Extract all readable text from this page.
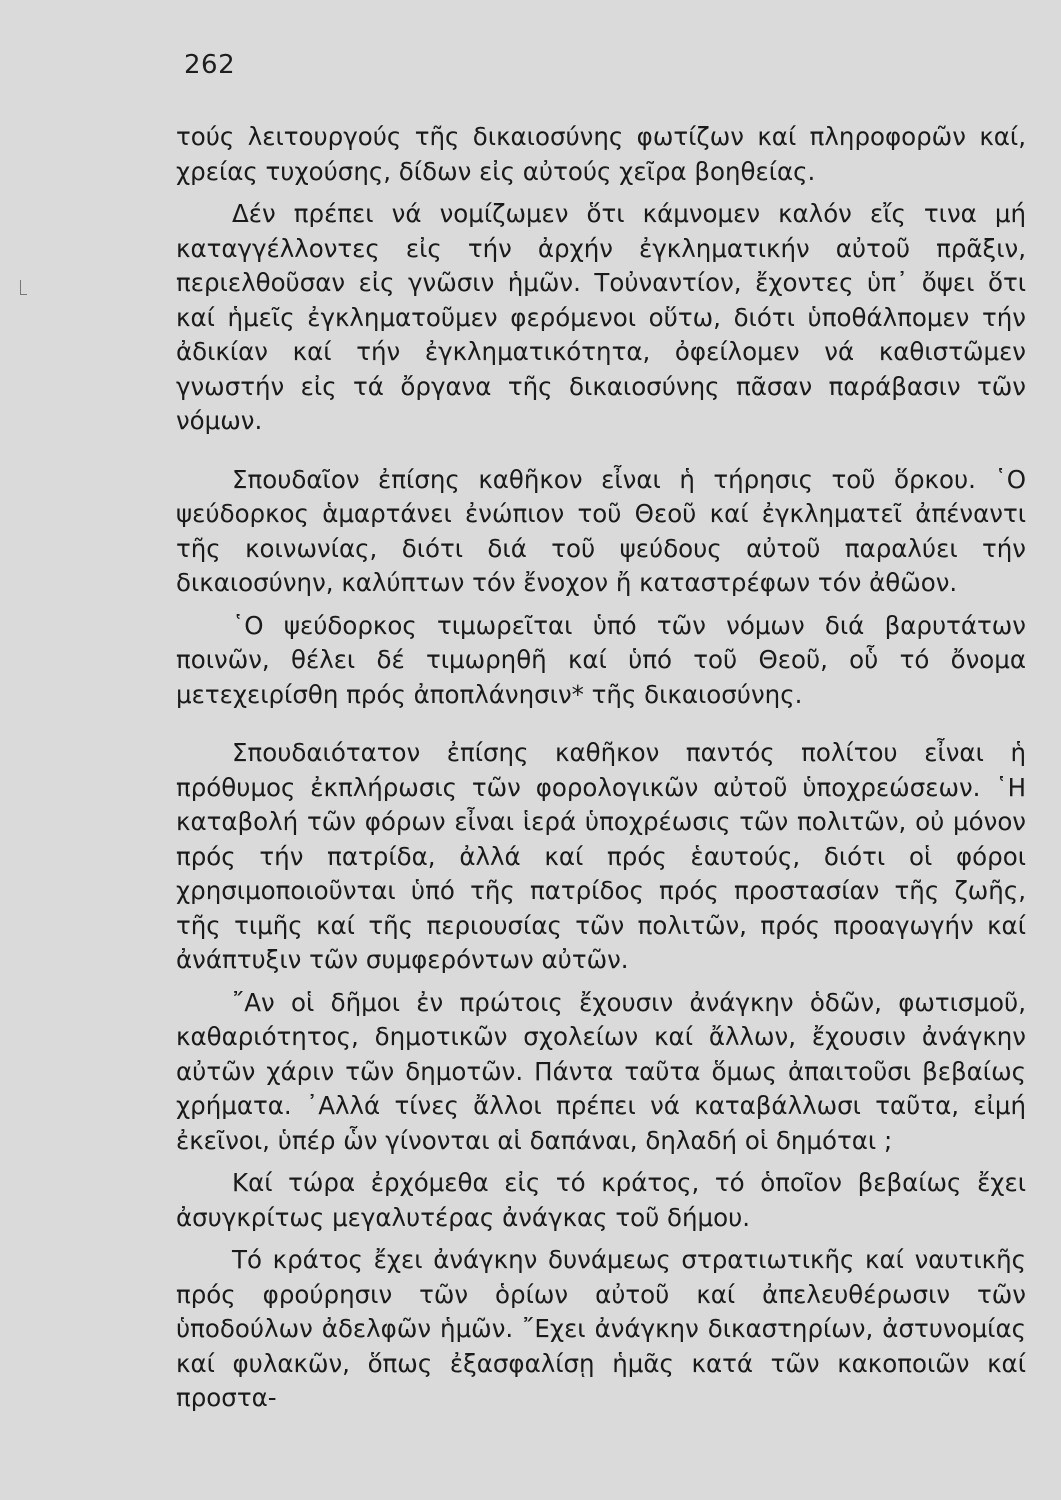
262

τούς λειτουργούς τῆς δικαιοσύνης φωτίζων καί πληροφορῶν καί, χρείας τυχούσης, δίδων εἰς αὐτούς χεῖρα βοηθείας.

Δέν πρέπει νά νομίζωμεν ὅτι κάμνομεν καλόν εἴς τινα μή καταγγέλλοντες εἰς τήν ἀρχήν ἐγκληματικήν αὐτοῦ πρᾶξιν, περιελθοῦσαν εἰς γνῶσιν ἡμῶν. Τοὐναντίον, ἔχοντες ὑπ᾿ ὄψει ὅτι καί ἡμεῖς ἐγκληματοῦμεν φερόμενοι οὕτω, διότι ὑποθάλπομεν τήν ἀδικίαν καί τήν ἐγκληματικότητα, ὀφείλομεν νά καθιστῶμεν γνωστήν εἰς τά ὄργανα τῆς δικαιοσύνης πᾶσαν παράβασιν τῶν νόμων.

Σπουδαῖον ἐπίσης καθῆκον εἶναι ἡ τήρησις τοῦ ὅρκου. ῾Ο ψεύδορκος ἁμαρτάνει ἐνώπιον τοῦ Θεοῦ καί ἐγκληματεῖ ἀπέναντι τῆς κοινωνίας, διότι διά τοῦ ψεύδους αὐτοῦ παραλύει τήν δικαιοσύνην, καλύπτων τόν ἔνοχον ἤ καταστρέφων τόν ἀθῶον.

῾Ο ψεύδορκος τιμωρεῖται ὑπό τῶν νόμων διά βαρυτάτων ποινῶν, θέλει δέ τιμωρηθῆ καί ὑπό τοῦ Θεοῦ, οὗ τό ὄνομα μετεχειρίσθη πρός ἀποπλάνησιν* τῆς δικαιοσύνης.

Σπουδαιότατον ἐπίσης καθῆκον παντός πολίτου εἶναι ἡ πρόθυμος ἐκπλήρωσις τῶν φορολογικῶν αὐτοῦ ὑποχρεώσεων. ῾Η καταβολή τῶν φόρων εἶναι ἱερά ὑποχρέωσις τῶν πολιτῶν, οὐ μόνον πρός τήν πατρίδα, ἀλλά καί πρός ἑαυτούς, διότι οἱ φόροι χρησιμοποιοῦνται ὑπό τῆς πατρίδος πρός προστασίαν τῆς ζωῆς, τῆς τιμῆς καί τῆς περιουσίας τῶν πολιτῶν, πρός προαγωγήν καί ἀνάπτυξιν τῶν συμφερόντων αὐτῶν.

῎Αν οἱ δῆμοι ἐν πρώτοις ἔχουσιν ἀνάγκην ὁδῶν, φωτισμοῦ, καθαριότητος, δημοτικῶν σχολείων καί ἄλλων, ἔχουσιν ἀνάγκην αὐτῶν χάριν τῶν δημοτῶν. Πάντα ταῦτα ὅμως ἀπαιτοῦσι βεβαίως χρήματα. ᾿Αλλά τίνες ἄλλοι πρέπει νά καταβάλλωσι ταῦτα, εἰμή ἐκεῖνοι, ὑπέρ ὧν γίνονται αἱ δαπάναι, δηλαδή οἱ δημόται ;

Καί τώρα ἐρχόμεθα εἰς τό κράτος, τό ὁποῖον βεβαίως ἔχει ἀσυγκρίτως μεγαλυτέρας ἀνάγκας τοῦ δήμου.

Τό κράτος ἔχει ἀνάγκην δυνάμεως στρατιωτικῆς καί ναυτικῆς πρός φρούρησιν τῶν ὁρίων αὐτοῦ καί ἀπελευθέρωσιν τῶν ὑποδούλων ἀδελφῶν ἡμῶν. ῎Εχει ἀνάγκην δικαστηρίων, ἀστυνομίας καί φυλακῶν, ὅπως ἐξασφαλίσῃ ἡμᾶς κατά τῶν κακοποιῶν καί προστα-
